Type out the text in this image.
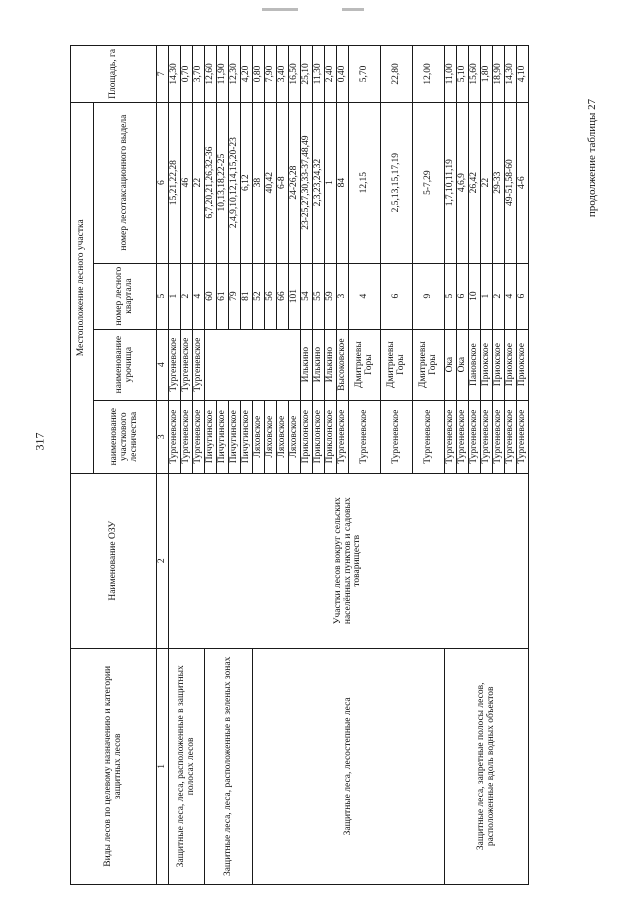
317
продолжение таблицы 27
Виды лесов по целевому назначению и категории защитных лесов	Наименование ОЗУ	Местоположение лесного участка				Площадь, га
		наименование участкового лесничества	наименование урочища	номер лесного квартала	номер лесотаксационного выдела	
1	2	3	4	5	6	7
Защитные леса, леса, расположенные в защитных полосах лесов	Участки лесов вокруг сельских населённых пунктов и садовых товариществ	Тургеневское	Тургеневское	1	15,21,22,28	14,30
		Тургеневское	Тургеневское	2	46	0,70
		Тургеневское	Тургеневское	4	22	3,70
Защитные леса, леса, расположенные в зеленых зонах		Пичугинское		60	6,7,20,21,26,32-36	12,60
		Пичугинское		61	10,13,18,22-25	11,90
		Пичугинское		79	2,4,9,10,12,14,15,20-23	12,30
		Пичугинское		81	6,12	4,20
Защитные леса, лесостепные леса		Ляховское		52	38	0,80
		Ляховское		56	40,42	7,90
		Ляховское		66	6-8	3,40
		Ляховское		101	24-26,28	16,50
		Приклонское	Илькино	54	23-25,27,30,33-37,48,49	25,10
		Приклонское	Илькино	55	2,3,23,24,32	11,30
		Приклонское	Илькино	59	1	2,40
		Тургеневское	Высоковское	3	84	0,40
		Тургеневское	Дмитриевы Горы	4	12,15	5,70
		Тургеневское	Дмитриевы Горы	6	2,5,13,15,17,19	22,80
		Тургеневское	Дмитриевы Горы	9	5-7,29	12,00
Защитные леса, запретные полосы лесов, расположенные вдоль водных объектов		Тургеневское	Ока	5	1,7,10,11,19	11,00
		Тургеневское	Ока	6	4,6,9	5,10
		Тургеневское	Пановское	10	26,42	15,60
		Тургеневское	Приокское	1	22	1,80
		Тургеневское	Приокское	2	29-33	18,90
		Тургеневское	Приокское	4	49-51,58-60	14,30
		Тургеневское	Приокское	6	4-6	4,10
